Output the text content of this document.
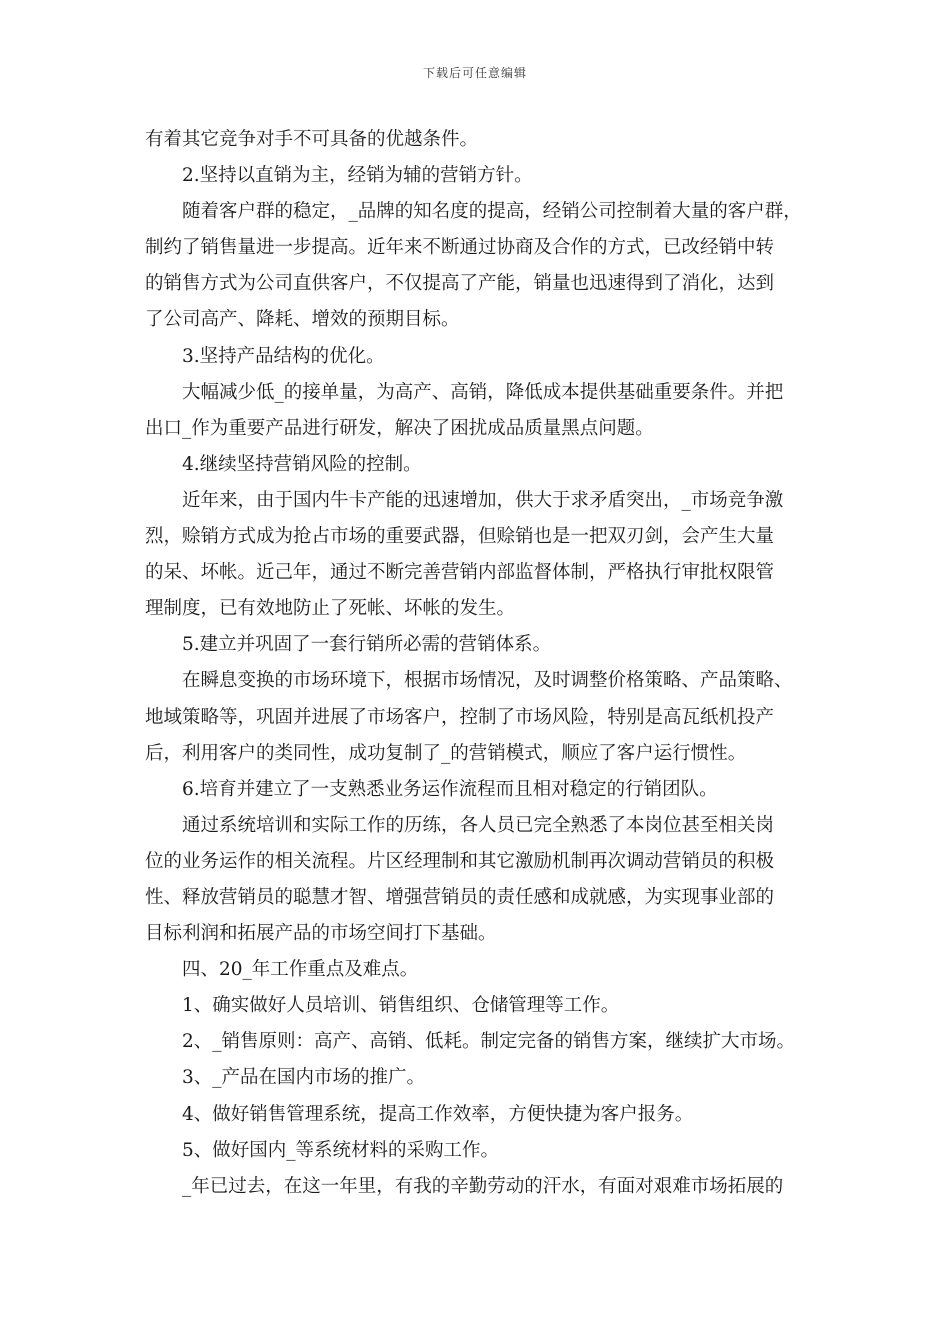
下载后可任意编辑
有着其它竞争对手不可具备的优越条件。
2.坚持以直销为主，经销为辅的营销方针。
随着客户群的稳定，_品牌的知名度的提高，经销公司控制着大量的客户群，
制约了销售量进一步提高。近年来不断通过协商及合作的方式，已改经销中转
的销售方式为公司直供客户，不仅提高了产能，销量也迅速得到了消化，达到
了公司高产、降耗、增效的预期目标。
3.坚持产品结构的优化。
大幅减少低_的接单量，为高产、高销，降低成本提供基础重要条件。并把
出口_作为重要产品进行研发，解决了困扰成品质量黑点问题。
4.继续坚持营销风险的控制。
近年来，由于国内牛卡产能的迅速增加，供大于求矛盾突出，_市场竞争激
烈，赊销方式成为抢占市场的重要武器，但赊销也是一把双刃剑，会产生大量
的呆、坏帐。近己年，通过不断完善营销内部监督体制，严格执行审批权限管
理制度，已有效地防止了死帐、坏帐的发生。
5.建立并巩固了一套行销所必需的营销体系。
在瞬息变换的市场环境下，根据市场情况，及时调整价格策略、产品策略、
地域策略等，巩固并进展了市场客户，控制了市场风险，特别是高瓦纸机投产
后，利用客户的类同性，成功复制了_的营销模式，顺应了客户运行惯性。
6.培育并建立了一支熟悉业务运作流程而且相对稳定的行销团队。
通过系统培训和实际工作的历练，各人员已完全熟悉了本岗位甚至相关岗
位的业务运作的相关流程。片区经理制和其它激励机制再次调动营销员的积极
性、释放营销员的聪慧才智、增强营销员的责任感和成就感，为实现事业部的
目标利润和拓展产品的市场空间打下基础。
四、20_年工作重点及难点。
1、确实做好人员培训、销售组织、仓储管理等工作。
2、_销售原则：高产、高销、低耗。制定完备的销售方案，继续扩大市场。
3、_产品在国内市场的推广。
4、做好销售管理系统，提高工作效率，方便快捷为客户报务。
5、做好国内_等系统材料的采购工作。
_年已过去，在这一年里，有我的辛勤劳动的汗水，有面对艰难市场拓展的
